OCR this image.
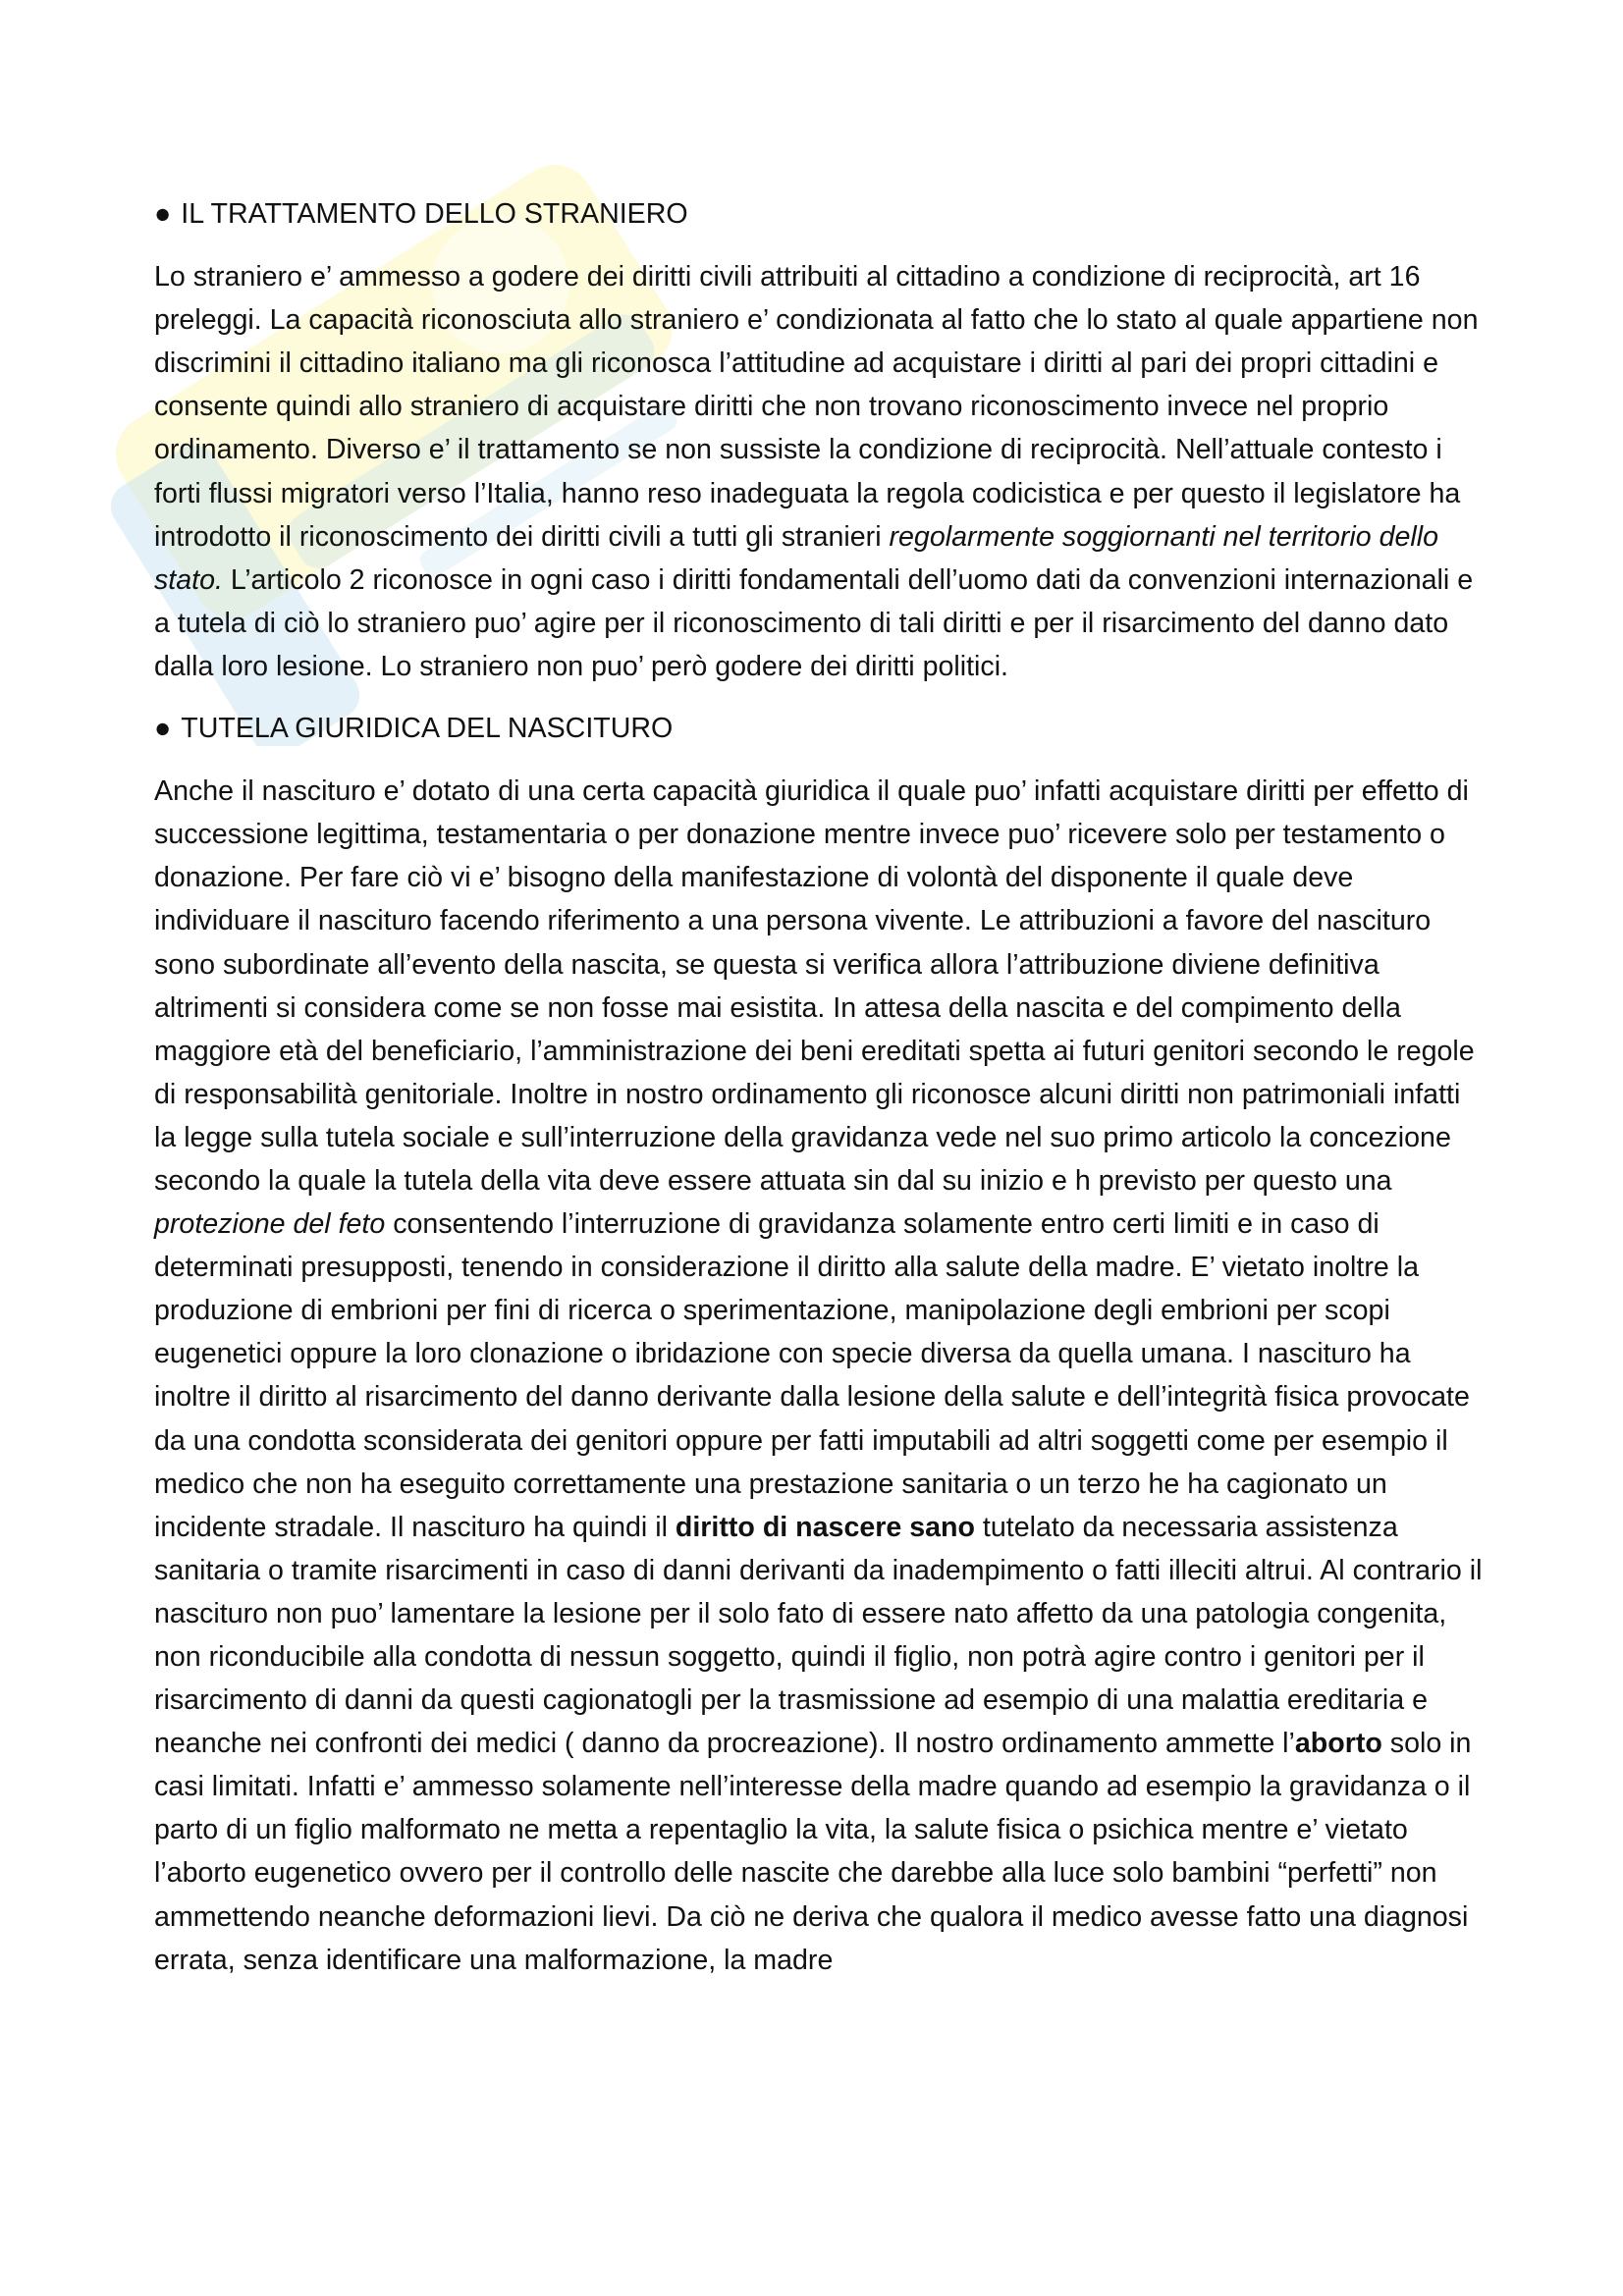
● IL TRATTAMENTO DELLO STRANIERO

Lo straniero e’ ammesso a godere dei diritti civili attribuiti al cittadino a condizione di reciprocità, art 16 preleggi. La capacità riconosciuta allo straniero e’ condizionata al fatto che lo stato al quale appartiene non discrimini il cittadino italiano ma gli riconosca l’attitudine ad acquistare i diritti al pari dei propri cittadini e consente quindi allo straniero di acquistare diritti che non trovano riconoscimento invece nel proprio ordinamento. Diverso e’ il trattamento se non sussiste la condizione di reciprocità. Nell’attuale contesto i forti flussi migratori verso l’Italia, hanno reso inadeguata la regola codicistica e per questo il legislatore ha introdotto il riconoscimento dei diritti civili a tutti gli stranieri regolarmente soggiornanti nel territorio dello stato. L’articolo 2 riconosce in ogni caso i diritti fondamentali dell’uomo dati da convenzioni internazionali e a tutela di ciò lo straniero puo’ agire per il riconoscimento di tali diritti e per il risarcimento del danno dato dalla loro lesione. Lo straniero non puo’ però godere dei diritti politici.

● TUTELA GIURIDICA DEL NASCITURO

Anche il nascituro e’ dotato di una certa capacità giuridica il quale puo’ infatti acquistare diritti per effetto di successione legittima, testamentaria o per donazione mentre invece puo’ ricevere solo per testamento o donazione. Per fare ciò vi e’ bisogno della manifestazione di volontà del disponente il quale deve individuare il nascituro facendo riferimento a una persona vivente. Le attribuzioni a favore del nascituro sono subordinate all’evento della nascita, se questa si verifica allora l’attribuzione diviene definitiva altrimenti si considera come se non fosse mai esistita. In attesa della nascita e del compimento della maggiore età del beneficiario, l’amministrazione dei beni ereditati spetta ai futuri genitori secondo le regole di responsabilità genitoriale. Inoltre in nostro ordinamento gli riconosce alcuni diritti non patrimoniali infatti la legge sulla tutela sociale e sull’interruzione della gravidanza vede nel suo primo articolo la concezione secondo la quale la tutela della vita deve essere attuata sin dal su inizio e h previsto per questo una protezione del feto consentendo l’interruzione di gravidanza solamente entro certi limiti e in caso di determinati presupposti, tenendo in considerazione il diritto alla salute della madre. E’ vietato inoltre la produzione di embrioni per fini di ricerca o sperimentazione, manipolazione degli embrioni per scopi eugenetici oppure la loro clonazione o ibridazione con specie diversa da quella umana. I nasciturо ha inoltre il diritto al risarcimento del danno derivante dalla lesione della salute e dell’integrità fisica provocate da una condotta sconsiderata dei genitori oppure per fatti imputabili ad altri soggetti come per esempio il medico che non ha eseguito correttamente una prestazione sanitaria o un terzo he ha cagionato un incidente stradale. Il nascituro ha quindi il diritto di nascere sano tutelato da necessaria assistenza sanitaria o tramite risarcimenti in caso di danni derivanti da inadempimento o fatti illeciti altrui. Al contrario il nascituro non puo’ lamentare la lesione per il solo fato di essere nato affetto da una patologia congenita, non riconducibile alla condotta di nessun soggetto, quindi il figlio, non potrà agire contro i genitori per il risarcimento di danni da questi cagionatogli per la trasmissione ad esempio di una malattia ereditaria e neanche nei confronti dei medici ( danno da procreazione). Il nostro ordinamento ammette l’aborto solo in casi limitati. Infatti e’ ammesso solamente nell’interesse della madre quando ad esempio la gravidanza o il parto di un figlio malformato ne metta a repentaglio la vita, la salute fisica o psichica mentre e’ vietato l’aborto eugenetico ovvero per il controllo delle nascite che darebbe alla luce solo bambini “perfetti” non ammettendo neanche deformazioni lievi. Da ciò ne deriva che qualora il medico avesse fatto una diagnosi errata, senza identificare una malformazione, la madre
